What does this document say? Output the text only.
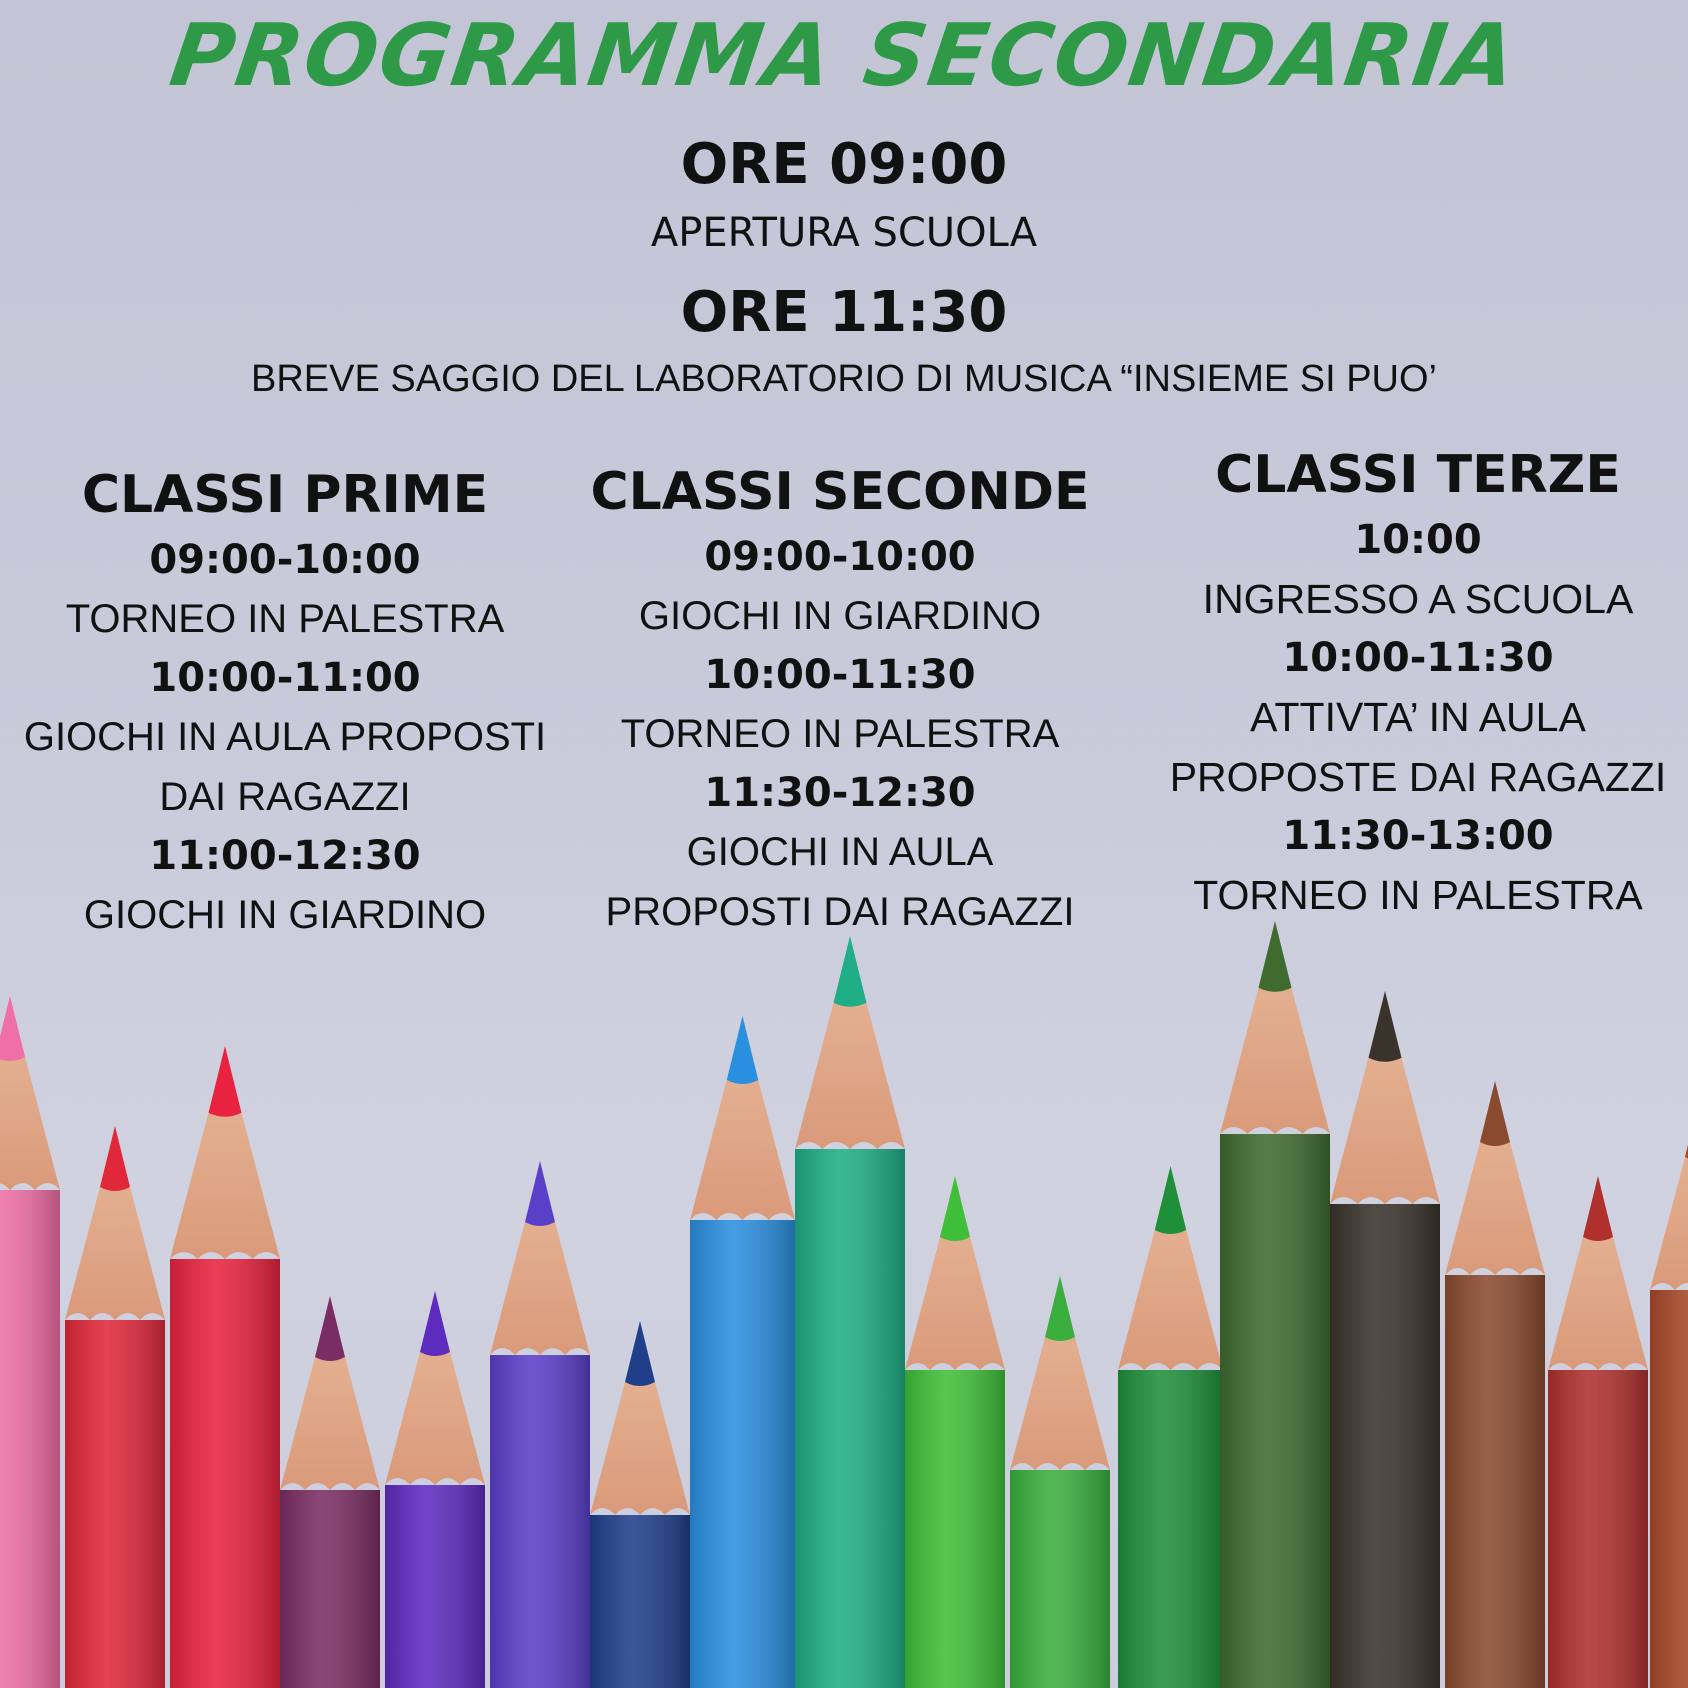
PROGRAMMA SECONDARIA
ORE 09:00
APERTURA SCUOLA
ORE 11:30
BREVE SAGGIO DEL LABORATORIO DI MUSICA “INSIEME SI PUO’
CLASSI PRIME
09:00-10:00
TORNEO IN PALESTRA
10:00-11:00
GIOCHI IN AULA PROPOSTI
DAI RAGAZZI
11:00-12:30
GIOCHI IN GIARDINO
CLASSI SECONDE
09:00-10:00
GIOCHI IN GIARDINO
10:00-11:30
TORNEO IN PALESTRA
11:30-12:30
GIOCHI IN AULA
PROPOSTI DAI RAGAZZI
CLASSI TERZE
10:00
INGRESSO A SCUOLA
10:00-11:30
ATTIVTA’ IN AULA
PROPOSTE DAI RAGAZZI
11:30-13:00
TORNEO IN PALESTRA
